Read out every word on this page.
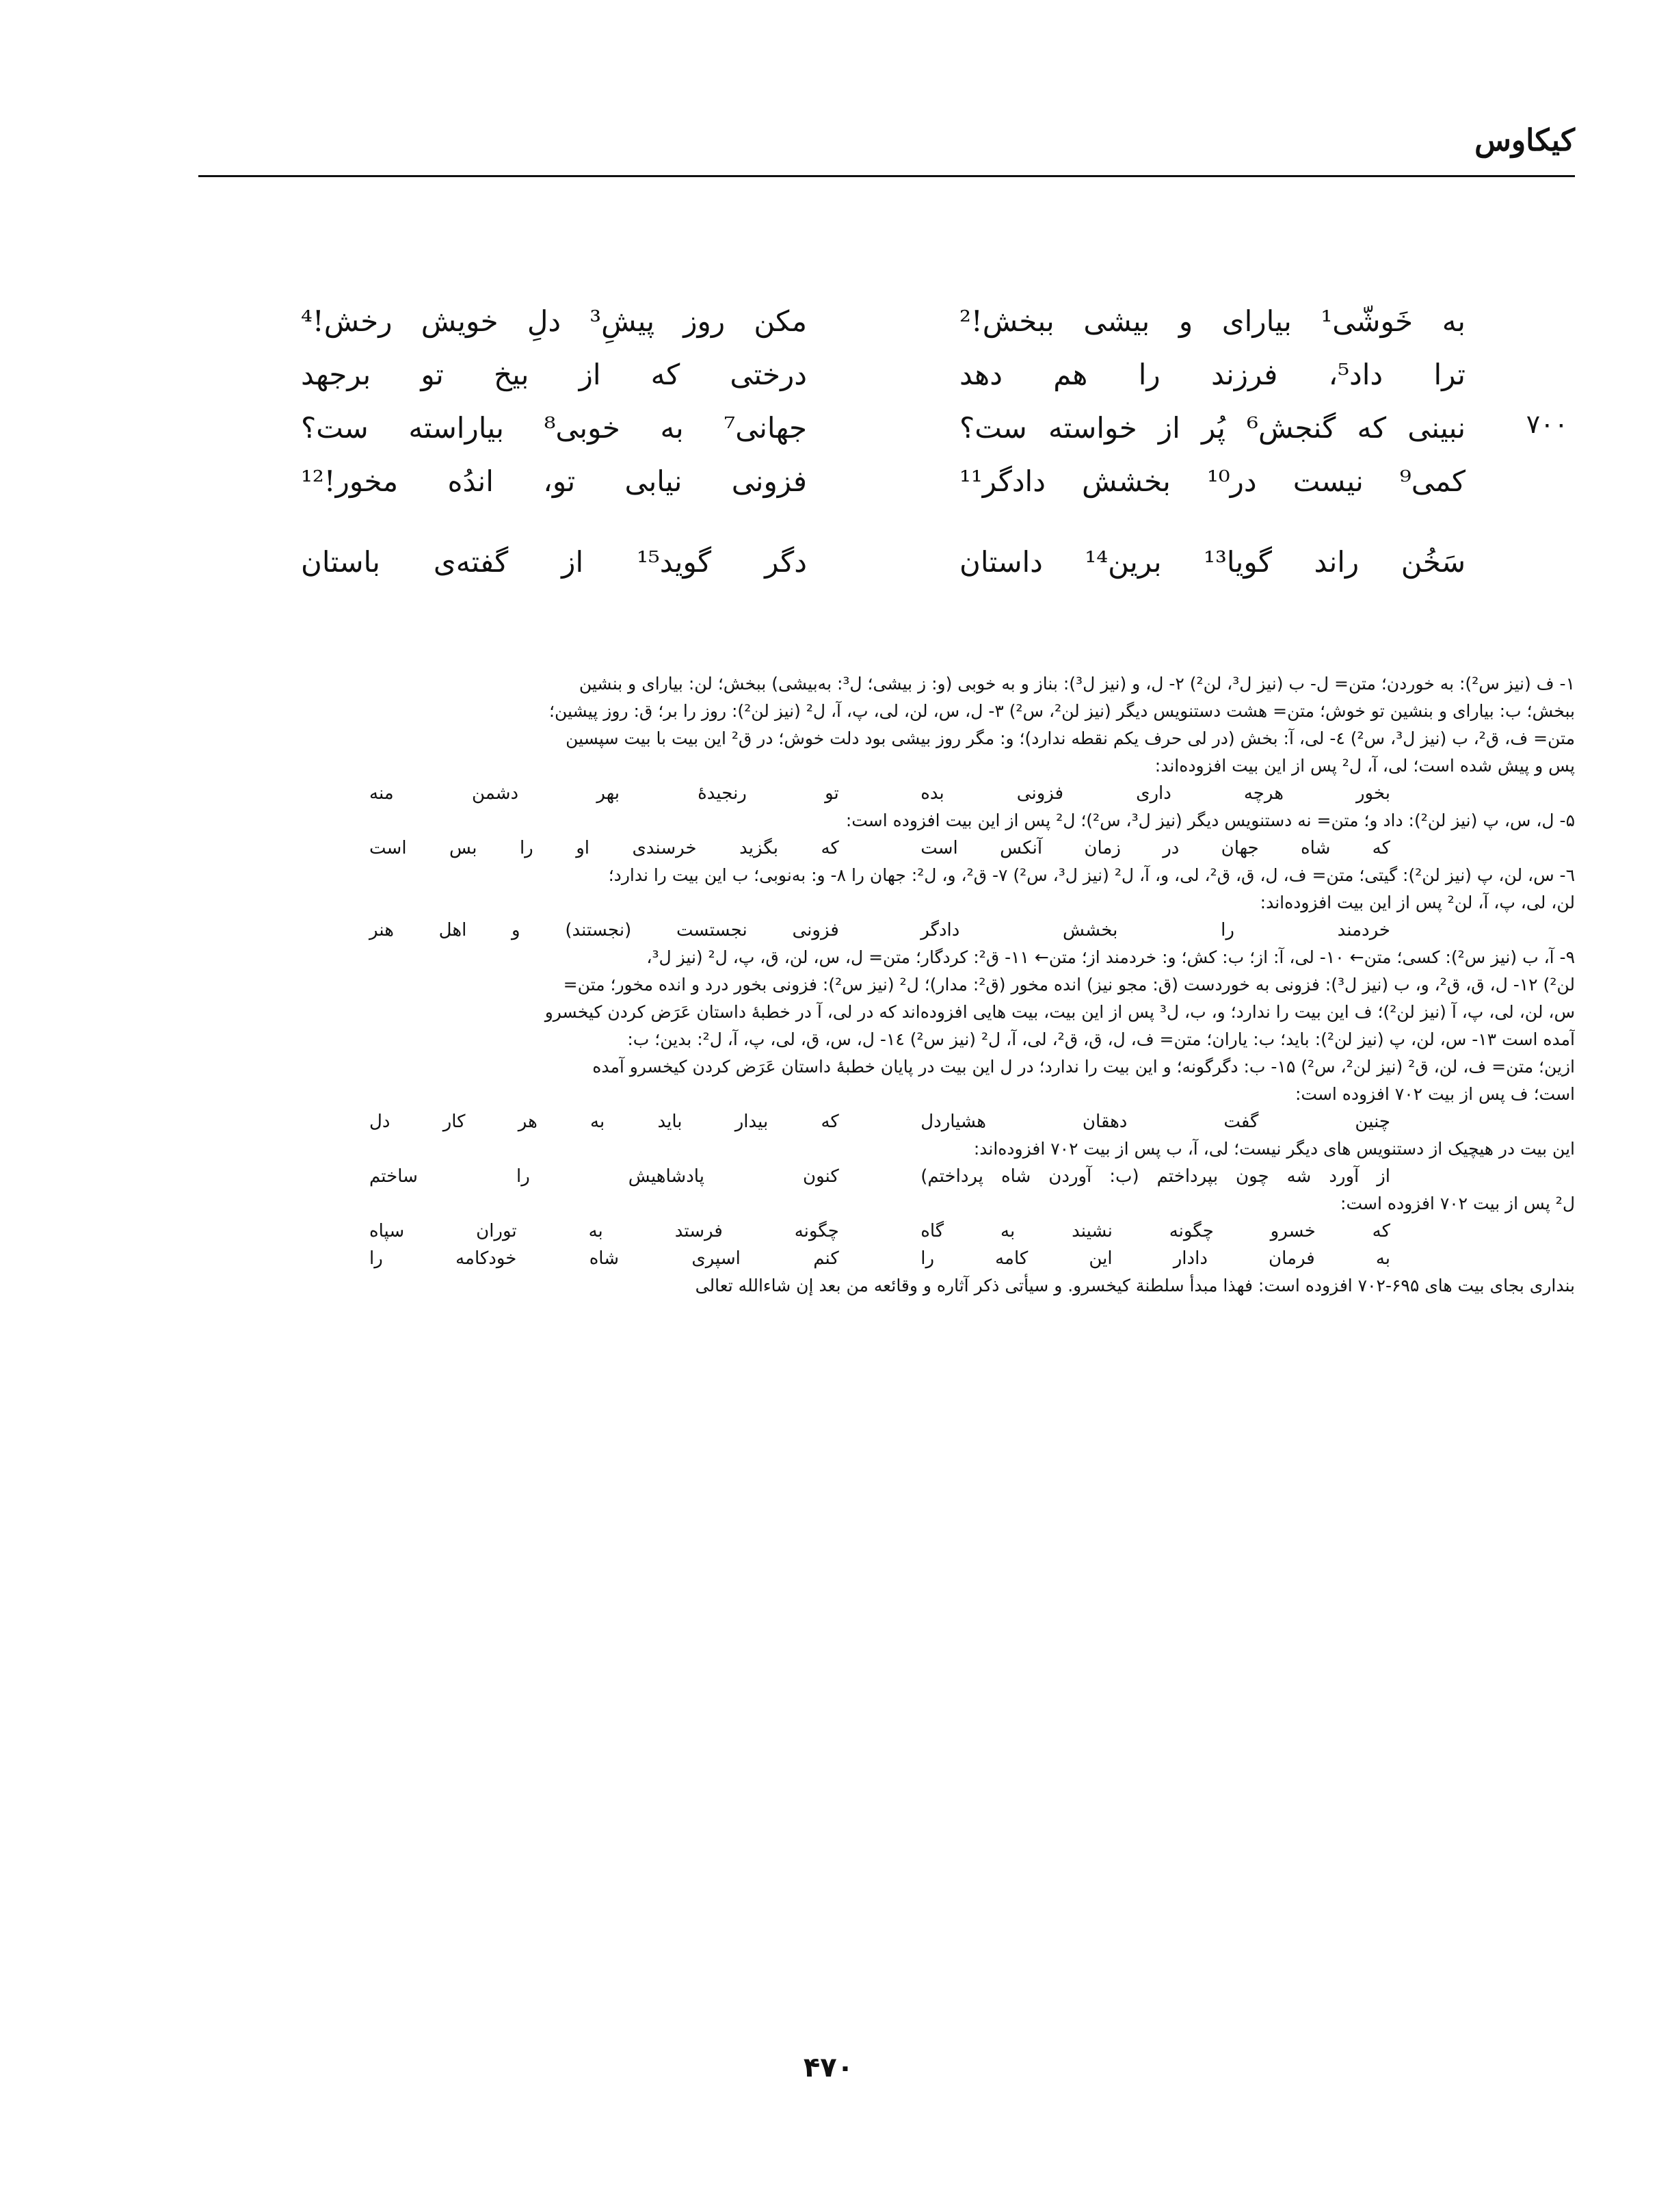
کیکاوس
به خَوشّی¹ بیارای و بیشی ببخش!²
مکن روز پیشِ³ دلِ خویش رخش!⁴
ترا داد⁵، فرزند را هم دهد
درختی که از بیخ تو برجهد
نبینی که گنجش⁶ پُر از خواسته ست؟
جهانی⁷ به خوبی⁸ بیاراسته ست؟	۷۰۰
کمی⁹ نیست در¹⁰ بخشش دادگر¹¹
فزونی نیابی تو، اندُه مخور!¹²
سَخُن راند گویا¹³ برین¹⁴ داستان
دگر گوید¹⁵ از گفته‌ی باستان
۱- ف (نیز س²): به خوردن؛ متن= ل- ب (نیز ل³، لن²) ۲- ل، و (نیز ل³): بناز و به خوبی (و: ز بیشی؛ ل³: به‌بیشی) ببخش؛ لن: بیارای و بنشین
ببخش؛ ب: بیارای و بنشین تو خوش؛ متن= هشت دستنویس دیگر (نیز لن²، س²) ۳- ل، س، لن، لی، پ، آ، ل² (نیز لن²): روز را بر؛ ق: روز پیشین؛
متن= ف، ق²، ب (نیز ل³، س²) ٤- لی، آ: بخش (در لی حرف یکم نقطه ندارد)؛ و: مگر روز بیشی بود دلت خوش؛ در ق² این بیت با بیت سپسین
پس و پیش شده است؛ لی، آ، ل² پس از این بیت افزوده‌اند:
بخور هرچه داری فزونی بده
تو رنجیدهٔ بهر دشمن منه
۵- ل، س، پ (نیز لن²): داد و؛ متن= نه دستنویس دیگر (نیز ل³، س²)؛ ل² پس از این بیت افزوده است:
که شاه جهان در زمان آنکس است
که بگزید خرسندی او را بس است
٦- س، لن، پ (نیز لن²): گیتی؛ متن= ف، ل، ق، ق²، لی، و، آ، ل² (نیز ل³، س²) ۷- ق²، و، ل²: جهان را ۸- و: به‌نوبی؛ ب این بیت را ندارد؛
لن، لی، پ، آ، لن² پس از این بیت افزوده‌اند:
خردمند را بخشش دادگر
فزونی نجستست (نجستند) و اهل هنر
۹- آ، ب (نیز س²): کسی؛ متن← ۱۰- لی، آ: از؛ ب: کش؛ و: خردمند از؛ متن← ۱۱- ق²: کردگار؛ متن= ل، س، لن، ق، پ، ل² (نیز ل³،
لن²) ۱۲- ل، ق، ق²، و، ب (نیز ل³): فزونی به خوردست (ق: مجو نیز) انده مخور (ق²: مدار)؛ ل² (نیز س²): فزونی بخور درد و انده مخور؛ متن=
س، لن، لی، پ، آ (نیز لن²)؛ ف این بیت را ندارد؛ و، ب، ل³ پس از این بیت، بیت هایی افزوده‌اند که در لی، آ در خطبهٔ داستان عَرَض کردن کیخسرو
آمده است ۱۳- س، لن، پ (نیز لن²): باید؛ ب: یاران؛ متن= ف، ل، ق، ق²، لی، آ، ل² (نیز س²) ۱٤- ل، س، ق، لی، پ، آ، ل²: بدین؛ ب:
ازین؛ متن= ف، لن، ق² (نیز لن²، س²) ۱۵- ب: دگرگونه؛ و این بیت را ندارد؛ در ل این بیت در پایان خطبهٔ داستان عَرَض کردن کیخسرو آمده
است؛ ف پس از بیت ۷۰۲ افزوده است:
چنین گفت دهقان هشیاردل
که بیدار باید به هر کار دل
این بیت در هیچیک از دستنویس های دیگر نیست؛ لی، آ، ب پس از بیت ۷۰۲ افزوده‌اند:
از آورد شه چون بپرداختم (ب: آوردن شاه پرداختم)
کنون پادشاهیش را ساختم
ل² پس از بیت ۷۰۲ افزوده است:
که خسرو چگونه نشیند به گاه
چگونه فرستد به توران سپاه
به فرمان دادار این کامه را
کنم اسپری شاه خودکامه را
بنداری بجای بیت های ۶۹۵-۷۰۲ افزوده است: فهذا مبدأ سلطنة کیخسرو. و سیأتی ذکر آثاره و وقائعه من بعد إن شاءالله تعالی
۴۷۰
